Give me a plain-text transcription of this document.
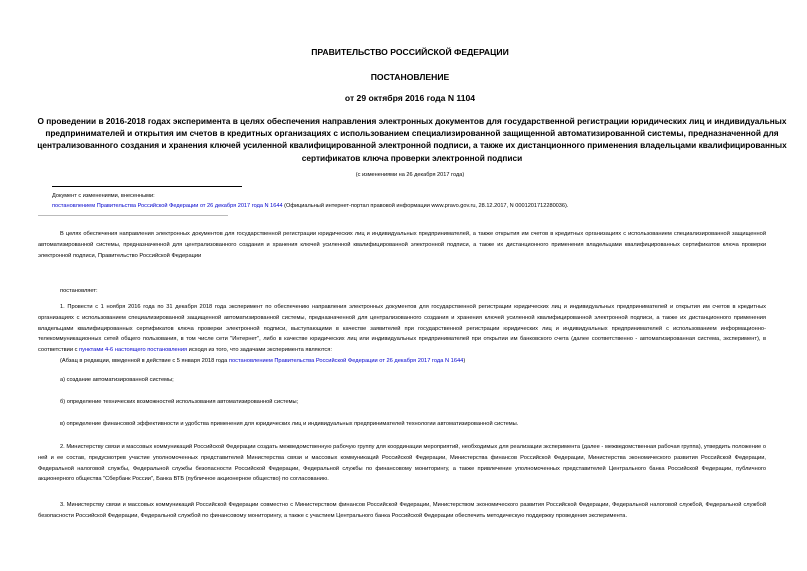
ПРАВИТЕЛЬСТВО РОССИЙСКОЙ ФЕДЕРАЦИИ
ПОСТАНОВЛЕНИЕ
от 29 октября 2016 года N 1104
О проведении в 2016-2018 годах эксперимента в целях обеспечения направления электронных документов для государственной регистрации юридических лиц и индивидуальных предпринимателей и открытия им счетов в кредитных организациях с использованием специализированной защищенной автоматизированной системы, предназначенной для централизованного создания и хранения ключей усиленной квалифицированной электронной подписи, а также их дистанционного применения владельцами квалифицированных сертификатов ключа проверки электронной подписи
(с изменениями на 26 декабря 2017 года)
Документ с изменениями, внесенными:
постановлением Правительства Российской Федерации от 26 декабря 2017 года N 1644 (Официальный интернет-портал правовой информации www.pravo.gov.ru, 28.12.2017, N 0001201712280036).
В целях обеспечения направления электронных документов для государственной регистрации юридических лиц и индивидуальных предпринимателей, а также открытия им счетов в кредитных организациях с использованием специализированной защищенной автоматизированной системы, предназначенной для централизованного создания и хранения ключей усиленной квалифицированной электронной подписи, а также их дистанционного применения владельцами квалифицированных сертификатов ключа проверки электронной подписи, Правительство Российской Федерации
постановляет:
1. Провести с 1 ноября 2016 года по 31 декабря 2018 года эксперимент по обеспечению направления электронных документов для государственной регистрации юридических лиц и индивидуальных предпринимателей и открытия им счетов в кредитных организациях с использованием специализированной защищенной автоматизированной системы, предназначенной для централизованного создания и хранения ключей усиленной квалифицированной электронной подписи, а также их дистанционного применения владельцами квалифицированных сертификатов ключа проверки электронной подписи, выступающими в качестве заявителей при государственной регистрации юридических лиц и индивидуальных предпринимателей с использованием информационно-телекоммуникационных сетей общего пользования, в том числе сети "Интернет", либо в качестве юридических лиц или индивидуальных предпринимателей при открытии им банковского счета (далее соответственно - автоматизированная система, эксперимент), в соответствии с пунктами 4-6 настоящего постановления исходя из того, что задачами эксперимента являются:
(Абзац в редакции, введенной в действие с 5 января 2018 года постановлением Правительства Российской Федерации от 26 декабря 2017 года N 1644)
а) создание автоматизированной системы;
б) определение технических возможностей использования автоматизированной системы;
в) определение финансовой эффективности и удобства применения для юридических лиц и индивидуальных предпринимателей технологии автоматизированной системы.
2. Министерству связи и массовых коммуникаций Российской Федерации создать межведомственную рабочую группу для координации мероприятий, необходимых для реализации эксперимента (далее - межведомственная рабочая группа), утвердить положение о ней и ее состав, предусмотрев участие уполномоченных представителей Министерства связи и массовых коммуникаций Российской Федерации, Министерства финансов Российской Федерации, Министерства экономического развития Российской Федерации, Федеральной налоговой службы, Федеральной службы безопасности Российской Федерации, Федеральной службы по финансовому мониторингу, а также привлечение уполномоченных представителей Центрального банка Российской Федерации, публичного акционерного общества "Сбербанк России", Банка ВТБ (публичное акционерное общество) по согласованию.
3. Министерству связи и массовых коммуникаций Российской Федерации совместно с Министерством финансов Российской Федерации, Министерством экономического развития Российской Федерации, Федеральной налоговой службой, Федеральной службой безопасности Российской Федерации, Федеральной службой по финансовому мониторингу, а также с участием Центрального банка Российской Федерации обеспечить методическую поддержку проведения эксперимента.
